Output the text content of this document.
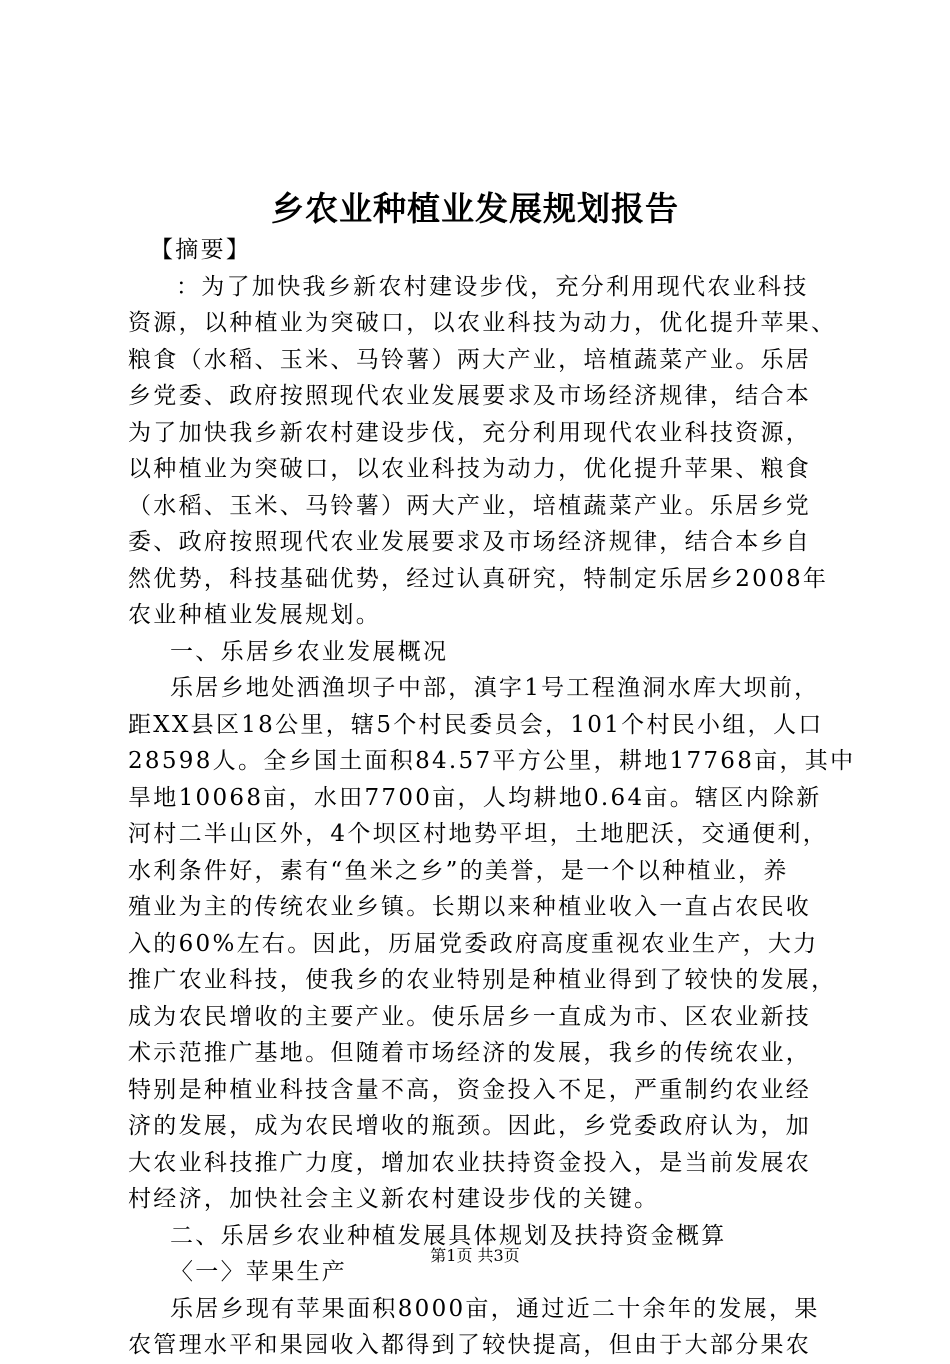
乡农业种植业发展规划报告
【摘要】
：为了加快我乡新农村建设步伐，充分利用现代农业科技
资源，以种植业为突破口，以农业科技为动力，优化提升苹果、
粮食（水稻、玉米、马铃薯）两大产业，培植蔬菜产业。乐居
乡党委、政府按照现代农业发展要求及市场经济规律，结合本
为了加快我乡新农村建设步伐，充分利用现代农业科技资源，
以种植业为突破口，以农业科技为动力，优化提升苹果、粮食
（水稻、玉米、马铃薯）两大产业，培植蔬菜产业。乐居乡党
委、政府按照现代农业发展要求及市场经济规律，结合本乡自
然优势，科技基础优势，经过认真研究，特制定乐居乡2008年
农业种植业发展规划。
一、乐居乡农业发展概况
乐居乡地处洒渔坝子中部，滇字1号工程渔洞水库大坝前，
距XX县区18公里，辖5个村民委员会，101个村民小组，人口
28598人。全乡国土面积84.57平方公里，耕地17768亩，其中
旱地10068亩，水田7700亩，人均耕地0.64亩。辖区内除新
河村二半山区外，4个坝区村地势平坦，土地肥沃，交通便利，
水利条件好，素有“鱼米之乡”的美誉，是一个以种植业，养
殖业为主的传统农业乡镇。长期以来种植业收入一直占农民收
入的60%左右。因此，历届党委政府高度重视农业生产，大力
推广农业科技，使我乡的农业特别是种植业得到了较快的发展，
成为农民增收的主要产业。使乐居乡一直成为市、区农业新技
术示范推广基地。但随着市场经济的发展，我乡的传统农业，
特别是种植业科技含量不高，资金投入不足，严重制约农业经
济的发展，成为农民增收的瓶颈。因此，乡党委政府认为，加
大农业科技推广力度，增加农业扶持资金投入，是当前发展农
村经济，加快社会主义新农村建设步伐的关键。
二、乐居乡农业种植发展具体规划及扶持资金概算
〈一〉苹果生产
乐居乡现有苹果面积8000亩，通过近二十余年的发展，果
农管理水平和果园收入都得到了较快提高，但由于大部分果农
第1页 共3页
